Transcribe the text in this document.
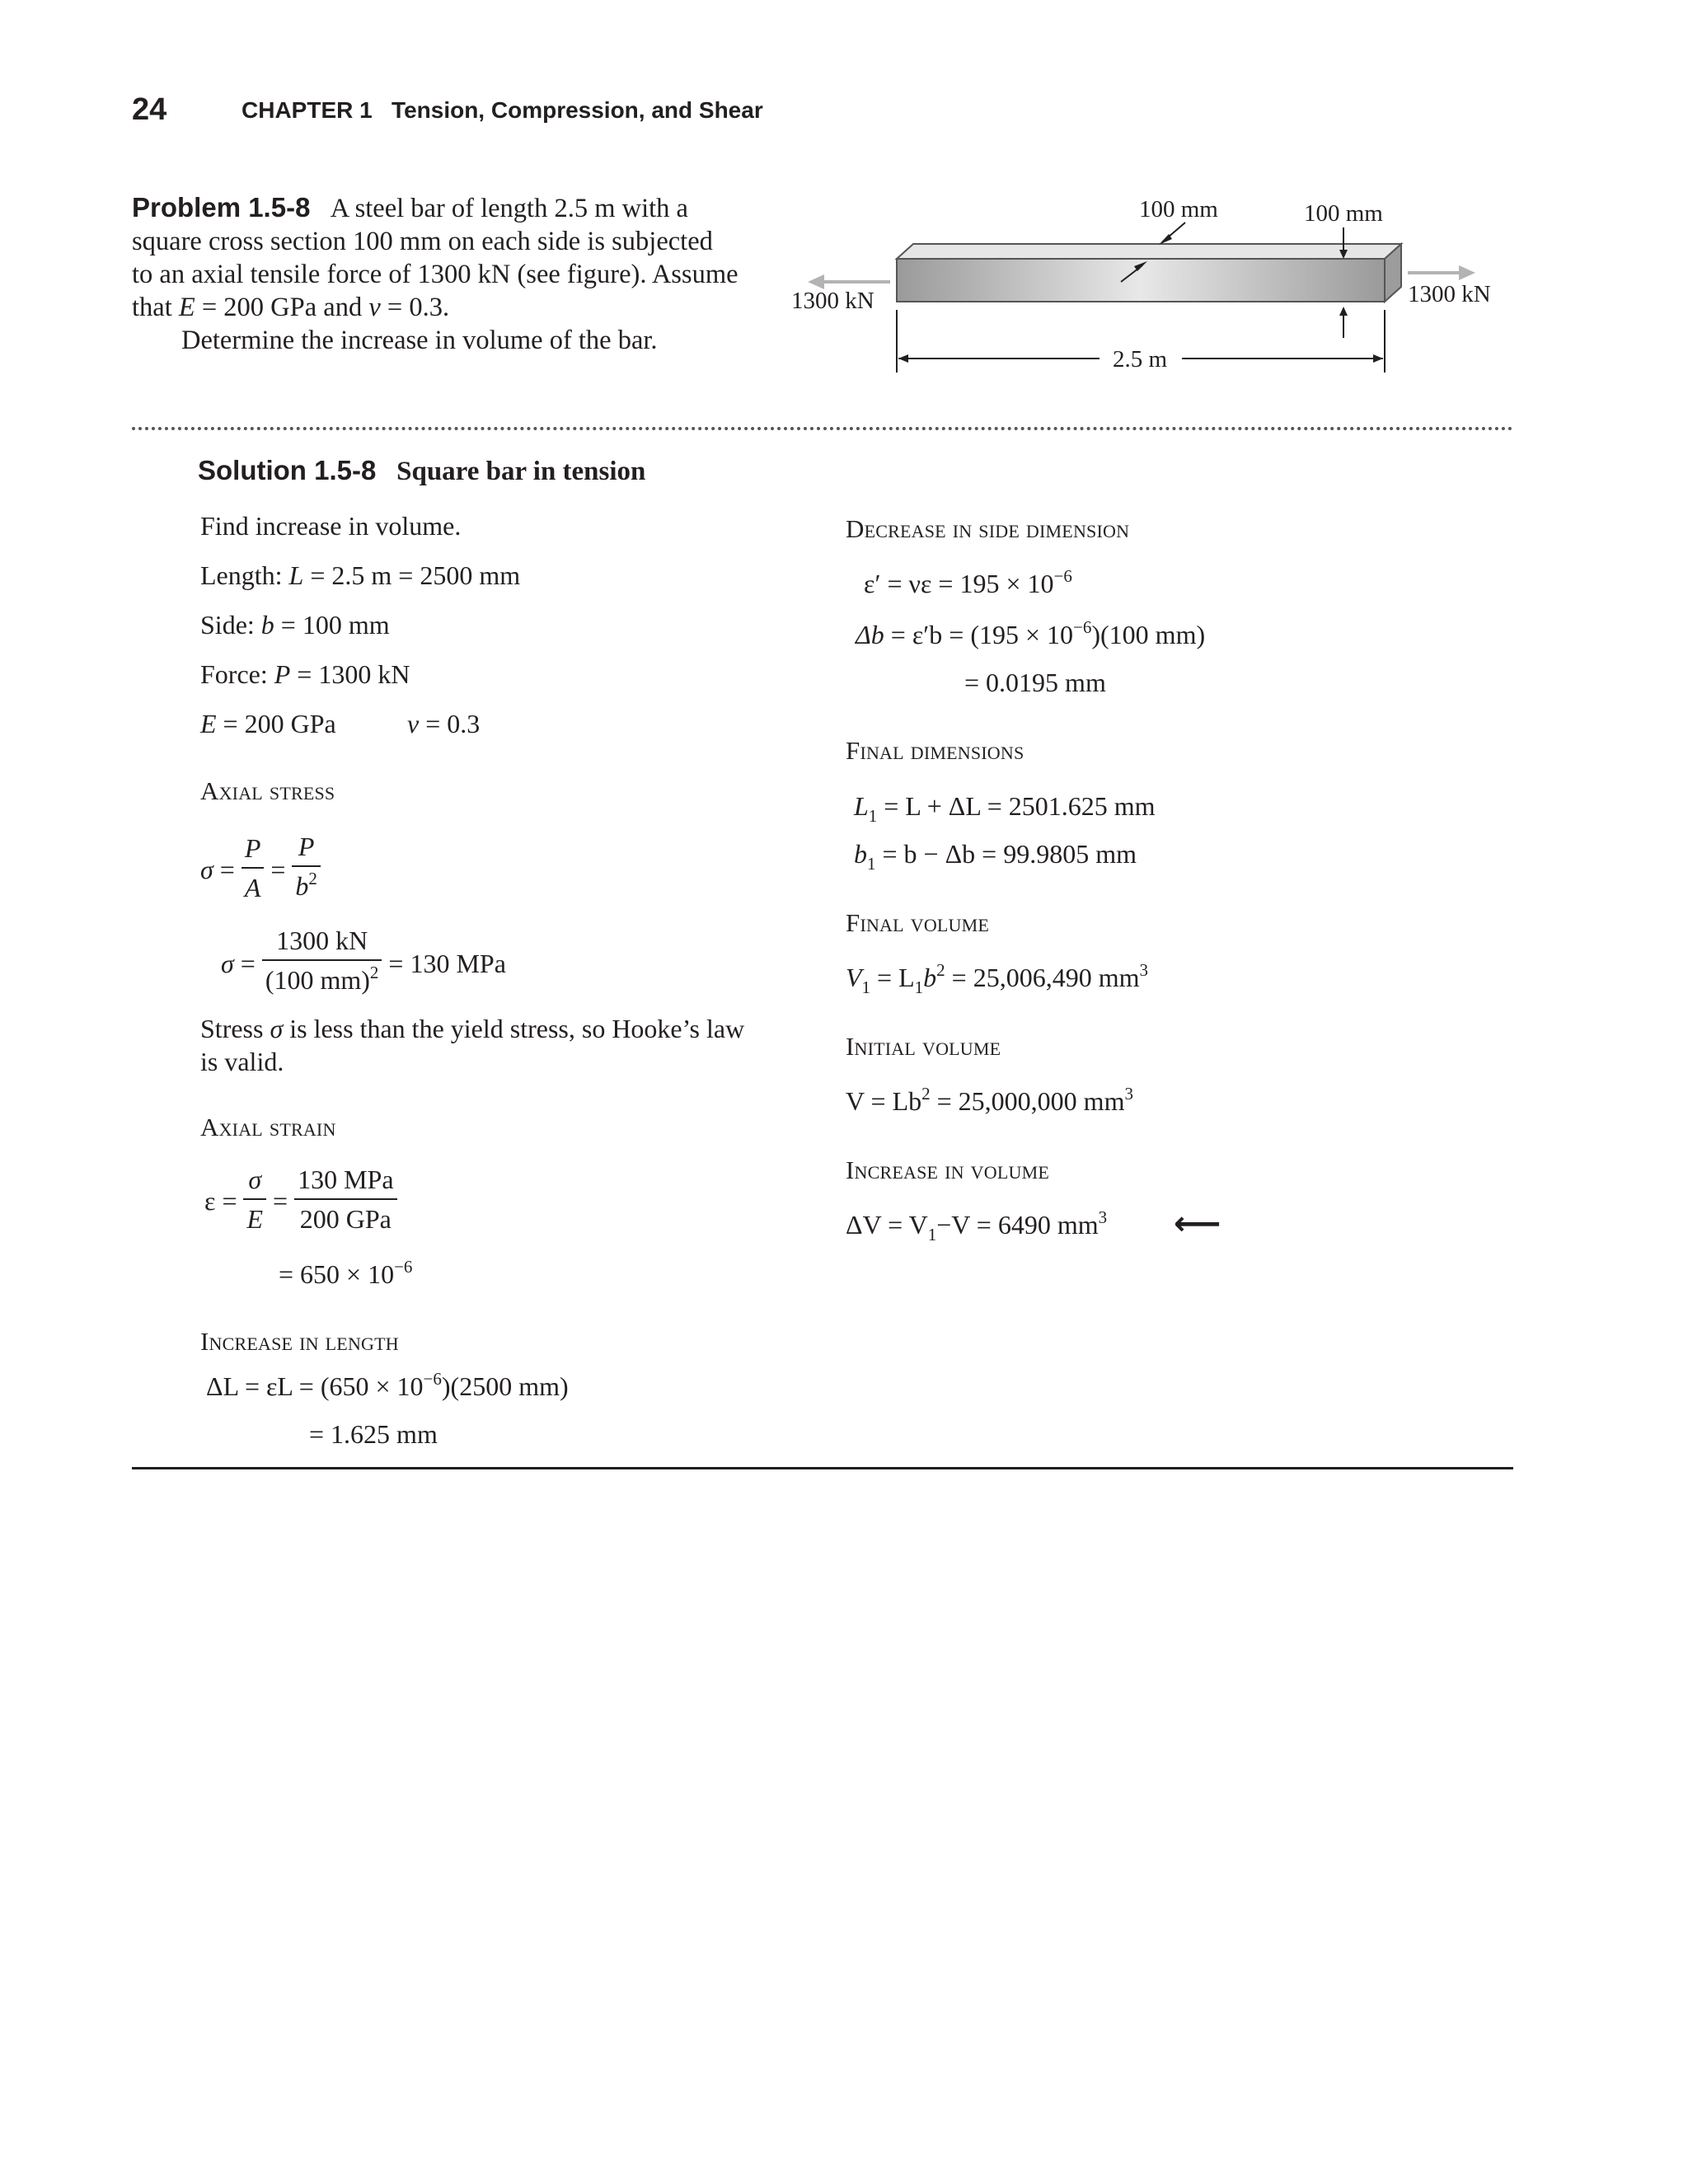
24	CHAPTER 1 Tension, Compression, and Shear
Problem 1.5-8 A steel bar of length 2.5 m with a
square cross section 100 mm on each side is subjected
to an axial tensile force of 1300 kN (see figure). Assume
that E = 200 GPa and ν = 0.3.
Determine the increase in volume of the bar.
1300 kN	1300 kN
100 mm	100 mm
2.5 m
Solution 1.5-8 Square bar in tension
Find increase in volume.
Length: L = 2.5 m = 2500 mm
Side: b = 100 mm
Force: P = 1300 kN
E = 200 GPa	ν = 0.3
Axial stress
$\sigma = \frac{P}{A} = \frac{P}{b^2}$
$\sigma = \frac{1300 kN}{(100 mm)^2} = 130$ MPa
Stress σ is less than the yield stress, so Hooke’s law
is valid.
Axial strain
$\varepsilon = \frac{\sigma}{E} = \frac{\text{130 MPa}}{\text{200 GPa}}$
= $650 \times 10^{-6}$
Increase in length
$\Delta L = \varepsilon L = (650 \times 10^{-6})(2500$ mm)
= 1.625 mm
Decrease in side dimension
$\varepsilon' = \nu\varepsilon = 195 \times 10^{-6}$
$\Delta b = \varepsilon'b = (195 \times 10^{-6})(100$ mm)
= 0.0195 mm
Final dimensions
$L_1 = L + \Delta L = 2501.625$ mm
$b_1 = b - \Delta b = 99.9805$ mm
Final volume
$V_1 = L_1b^2 = 25,006,490$ $mm^3$
Initial volume
$V = Lb^2 = 25,000,000$ $mm^3$
Increase in volume
$\Delta V = V_1-V = 6490$ $mm^3$ ⟵
